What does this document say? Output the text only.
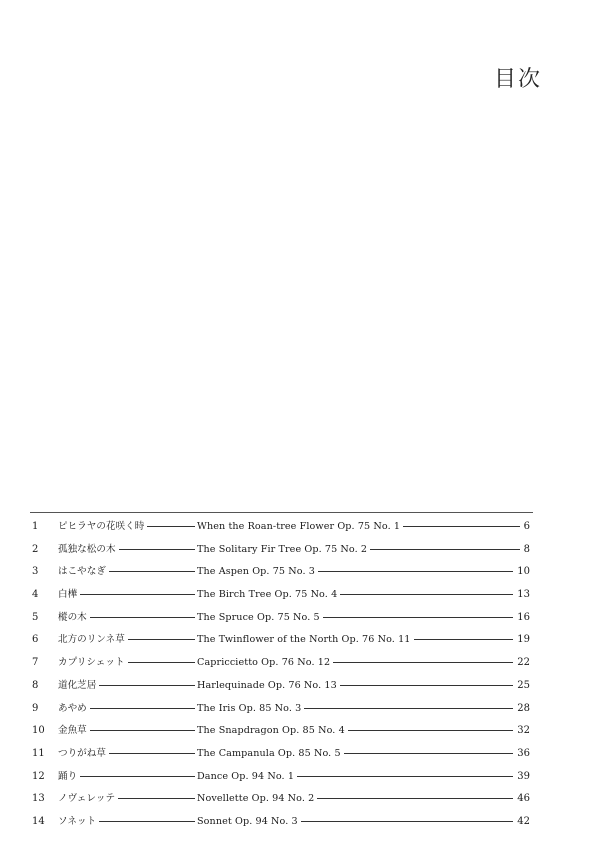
目次
1	ピヒラヤの花咲く時	When the Roan-tree Flower Op. 75 No. 1	6
2	孤独な松の木	The Solitary Fir Tree Op. 75 No. 2	8
3	はこやなぎ	The Aspen Op. 75 No. 3	10
4	白樺	The Birch Tree Op. 75 No. 4	13
5	樅の木	The Spruce Op. 75 No. 5	16
6	北方のリンネ草	The Twinflower of the North Op. 76 No. 11	19
7	カプリシェット	Capriccietto Op. 76 No. 12	22
8	道化芝居	Harlequinade Op. 76 No. 13	25
9	あやめ	The Iris Op. 85 No. 3	28
10	金魚草	The Snapdragon Op. 85 No. 4	32
11	つりがね草	The Campanula Op. 85 No. 5	36
12	踊り	Dance Op. 94 No. 1	39
13	ノヴェレッテ	Novellette Op. 94 No. 2	46
14	ソネット	Sonnet Op. 94 No. 3	42
